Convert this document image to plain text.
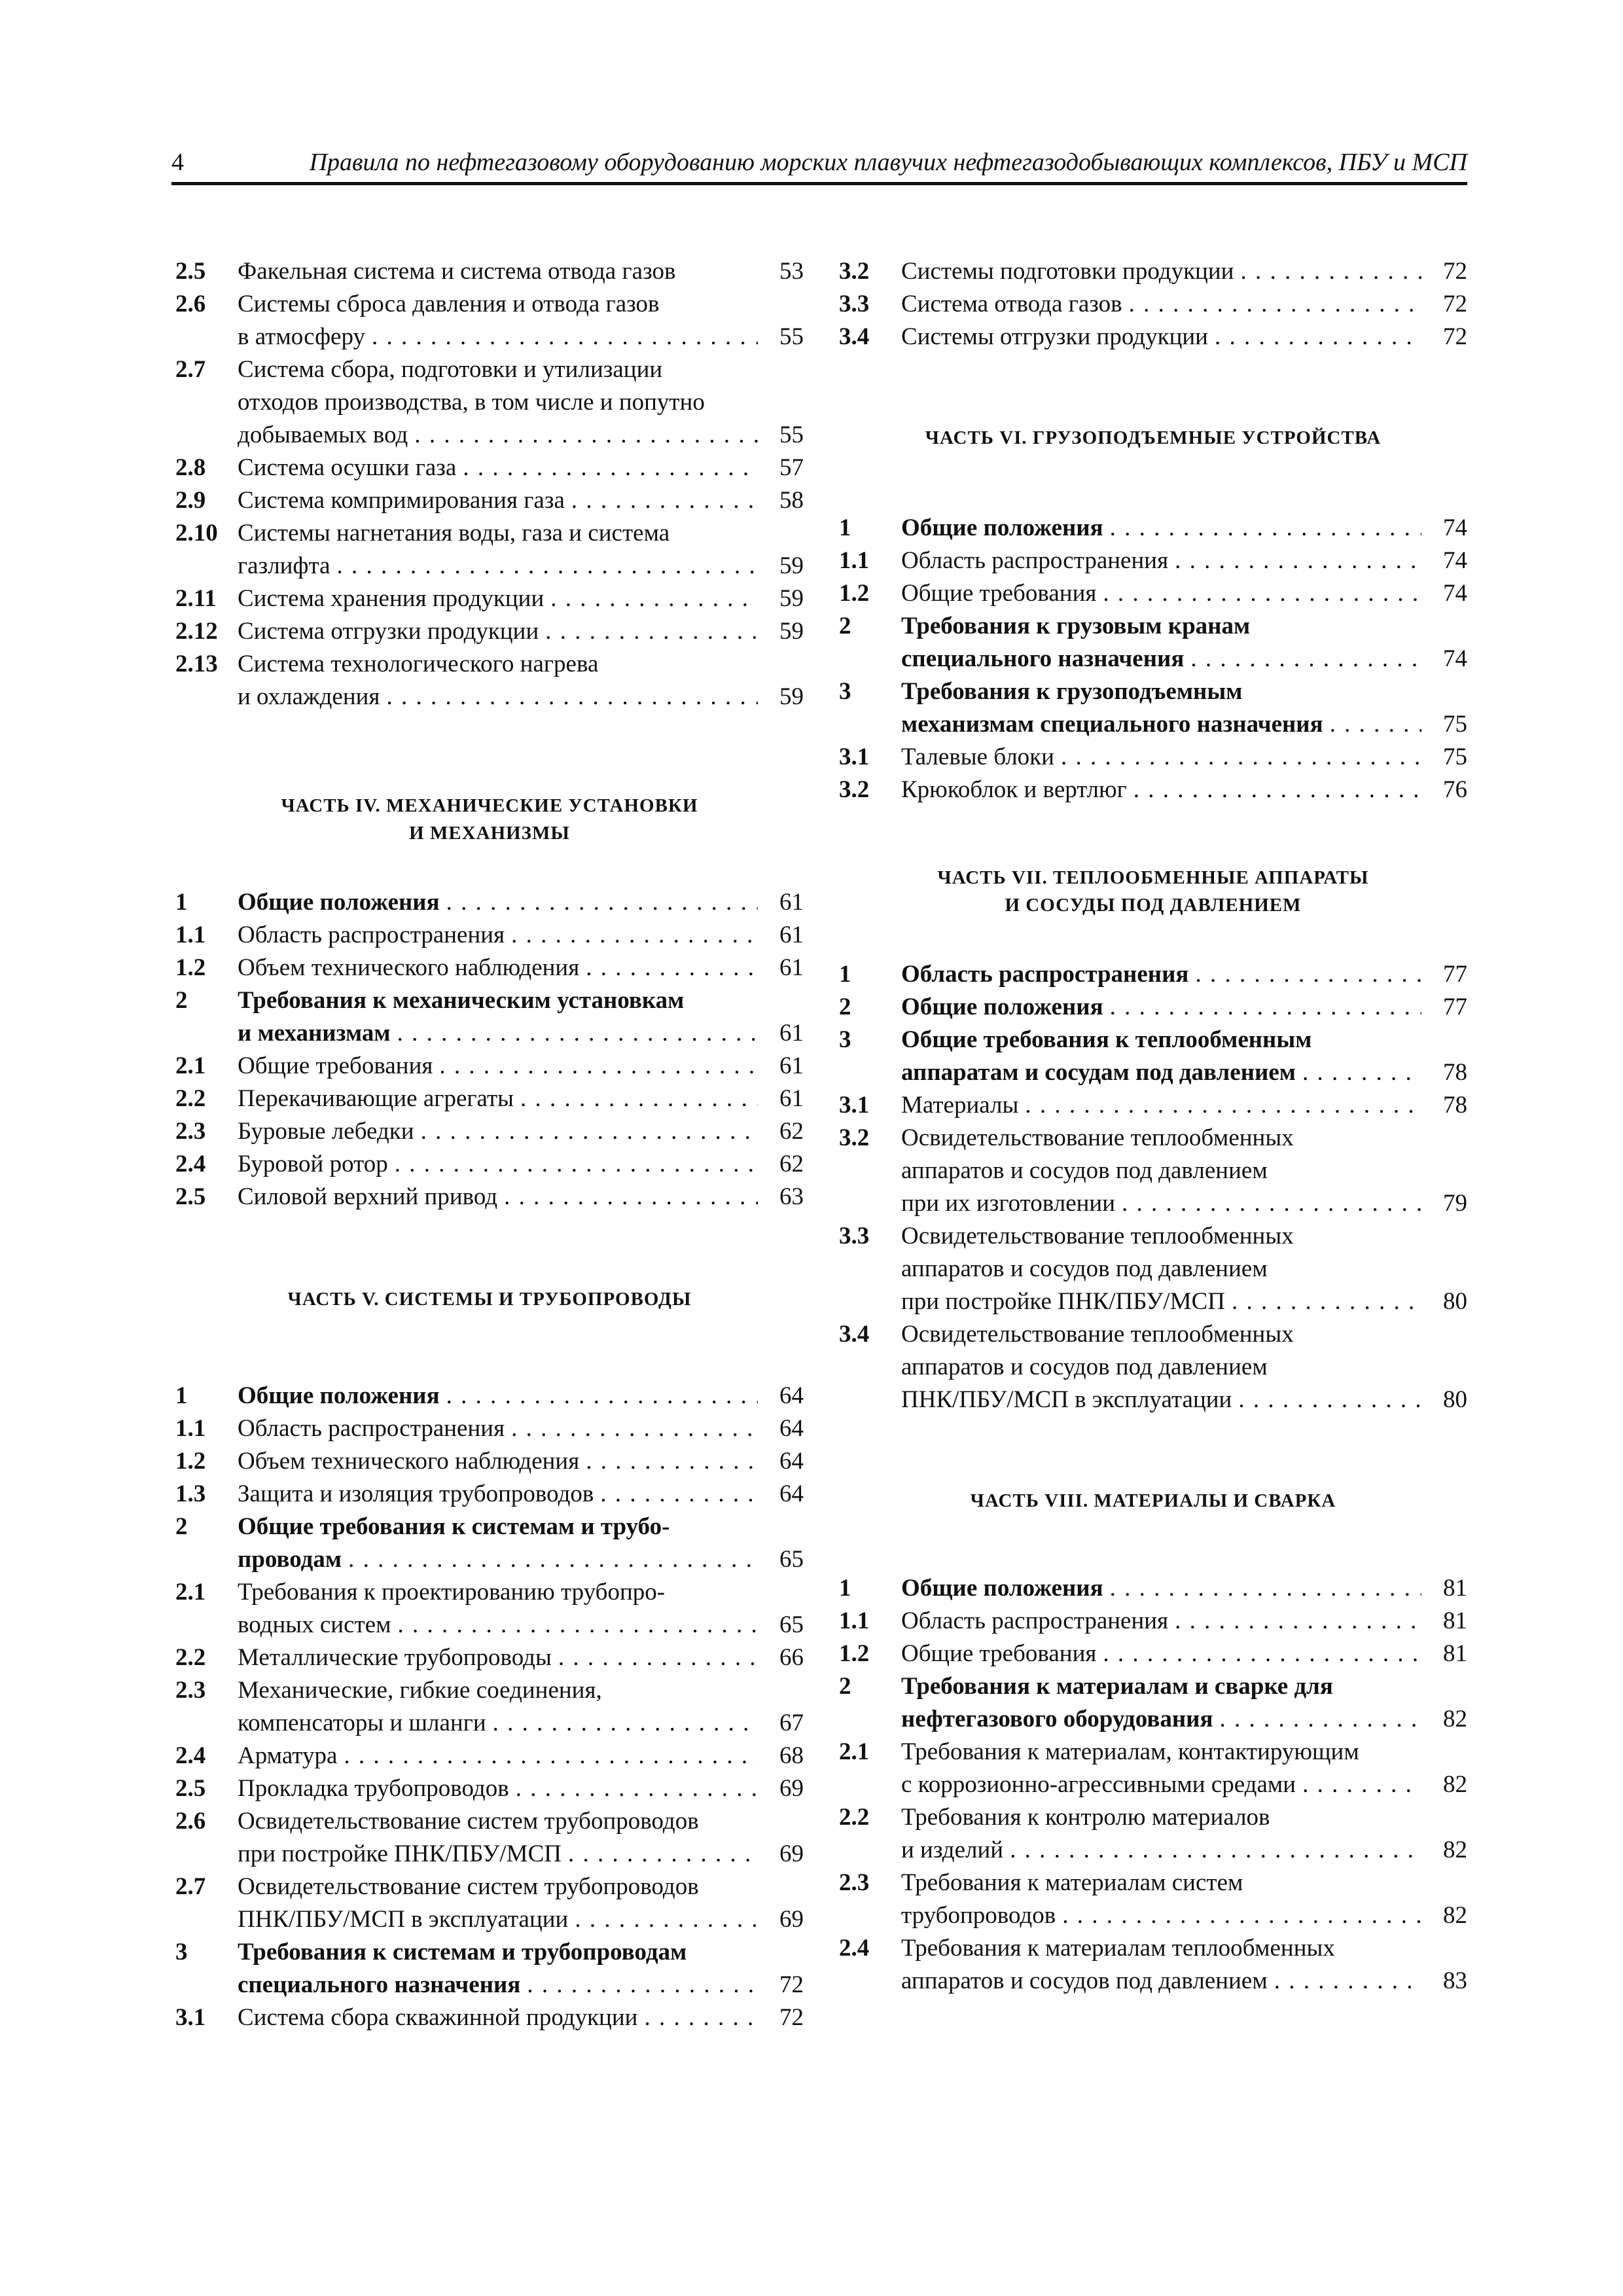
4	Правила по нефтегазовому оборудованию морских плавучих нефтегазодобывающих комплексов, ПБУ и МСП
2.5 Факельная система и система отвода газов	53
2.6 Системы сброса давления и отвода газов
в атмосферу . . .	55
2.7 Система сбора, подготовки и утилизации
отходов производства, в том числе и попутно
добываемых вод . . .	55
2.8 Система осушки газа . . .	57
2.9 Система компримирования газа . . .	58
2.10 Системы нагнетания воды, газа и система
газлифта . . .	59
2.11 Система хранения продукции . . .	59
2.12 Система отгрузки продукции . . .	59
2.13 Система технологического нагрева
и охлаждения . . .	59
ЧАСТЬ IV. МЕХАНИЧЕСКИЕ УСТАНОВКИ
И МЕХАНИЗМЫ
1 Общие положения . . .	61
1.1 Область распространения . . .	61
1.2 Объем технического наблюдения . . .	61
2 Требования к механическим установкам
и механизмам . . .	61
2.1 Общие требования . . .	61
2.2 Перекачивающие агрегаты . . .	61
2.3 Буровые лебедки . . .	62
2.4 Буровой ротор . . .	62
2.5 Силовой верхний привод . . .	63
ЧАСТЬ V. СИСТЕМЫ И ТРУБОПРОВОДЫ
1 Общие положения . . .	64
1.1 Область распространения . . .	64
1.2 Объем технического наблюдения . . .	64
1.3 Защита и изоляция трубопроводов . . .	64
2 Общие требования к системам и трубо-
проводам . . .	65
2.1 Требования к проектированию трубопро-
водных систем . . .	65
2.2 Металлические трубопроводы . . .	66
2.3 Механические, гибкие соединения,
компенсаторы и шланги . . .	67
2.4 Арматура . . .	68
2.5 Прокладка трубопроводов . . .	69
2.6 Освидетельствование систем трубопроводов
при постройке ПНК/ПБУ/МСП . . .	69
2.7 Освидетельствование систем трубопроводов
ПНК/ПБУ/МСП в эксплуатации . . .	69
3 Требования к системам и трубопроводам
специального назначения . . .	72
3.1 Система сбора скважинной продукции . . .	72
3.2 Системы подготовки продукции . . .	72
3.3 Система отвода газов . . .	72
3.4 Системы отгрузки продукции . . .	72
ЧАСТЬ VI. ГРУЗОПОДЪЕМНЫЕ УСТРОЙСТВА
1 Общие положения . . .	74
1.1 Область распространения . . .	74
1.2 Общие требования . . .	74
2 Требования к грузовым кранам
специального назначения . . .	74
3 Требования к грузоподъемным
механизмам специального назначения . . .	75
3.1 Талевые блоки . . .	75
3.2 Крюкоблок и вертлюг . . .	76
ЧАСТЬ VII. ТЕПЛООБМЕННЫЕ АППАРАТЫ
И СОСУДЫ ПОД ДАВЛЕНИЕМ
1 Область распространения . . .	77
2 Общие положения . . .	77
3 Общие требования к теплообменным
аппаратам и сосудам под давлением . . .	78
3.1 Материалы . . .	78
3.2 Освидетельствование теплообменных
аппаратов и сосудов под давлением
при их изготовлении . . .	79
3.3 Освидетельствование теплообменных
аппаратов и сосудов под давлением
при постройке ПНК/ПБУ/МСП . . .	80
3.4 Освидетельствование теплообменных
аппаратов и сосудов под давлением
ПНК/ПБУ/МСП в эксплуатации . . .	80
ЧАСТЬ VIII. МАТЕРИАЛЫ И СВАРКА
1 Общие положения . . .	81
1.1 Область распространения . . .	81
1.2 Общие требования . . .	81
2 Требования к материалам и сварке для
нефтегазового оборудования . . .	82
2.1 Требования к материалам, контактирующим
с коррозионно-агрессивными средами . . .	82
2.2 Требования к контролю материалов
и изделий . . .	82
2.3 Требования к материалам систем
трубопроводов . . .	82
2.4 Требования к материалам теплообменных
аппаратов и сосудов под давлением . . .	83
